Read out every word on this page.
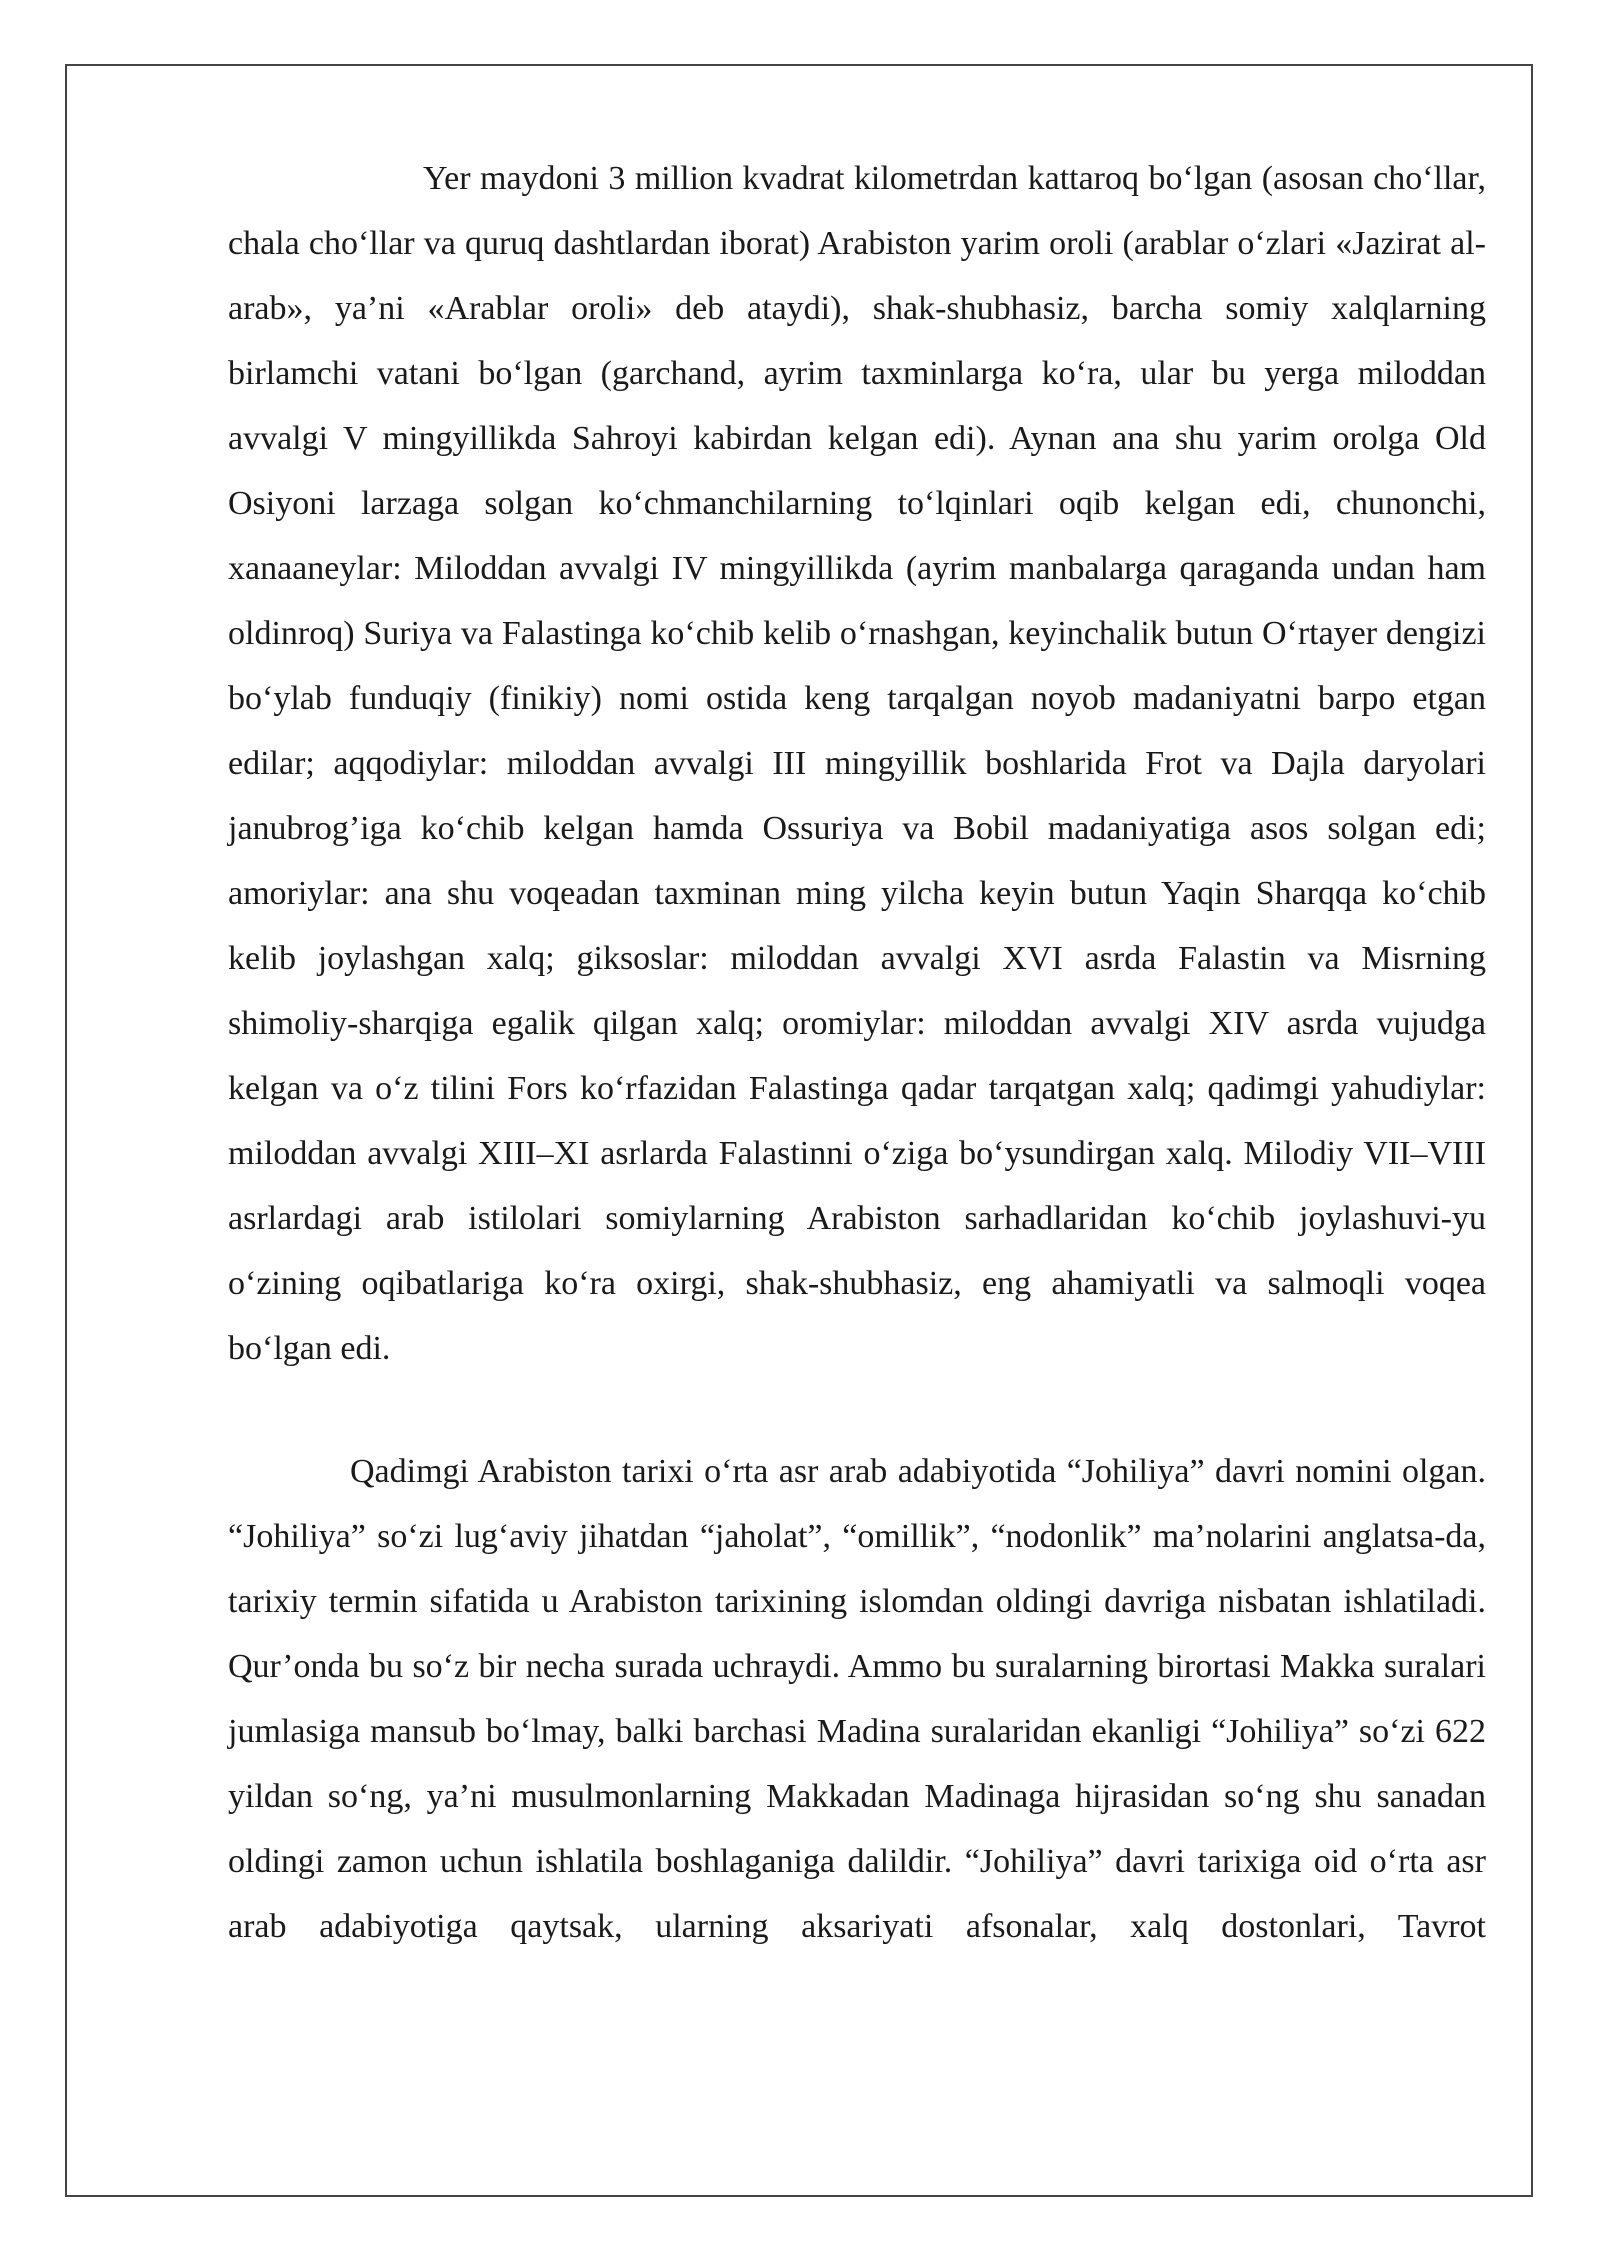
Yer maydoni 3 million kvadrat kilometrdan kattaroq bo‘lgan (asosan cho‘llar, chala cho‘llar va quruq dashtlardan iborat) Arabiston yarim oroli (arablar o‘zlari «Jazirat al-arab», ya’ni «Arablar oroli» deb ataydi), shak-shubhasiz, barcha somiy xalqlarning birlamchi vatani bo‘lgan (garchand, ayrim taxminlarga ko‘ra, ular bu yerga miloddan avvalgi V mingyillikda Sahroyi kabirdan kelgan edi). Aynan ana shu yarim orolga Old Osiyoni larzaga solgan ko‘chmanchilarning to‘lqinlari oqib kelgan edi, chunonchi, xanaaneylar: Miloddan avvalgi IV mingyillikda (ayrim manbalarga qaraganda undan ham oldinroq) Suriya va Falastinga ko‘chib kelib o‘rnashgan, keyinchalik butun O‘rtayer dengizi bo‘ylab funduqiy (finikiy) nomi ostida keng tarqalgan noyob madaniyatni barpo etgan edilar; aqqodiylar: miloddan avvalgi III mingyillik boshlarida Frot va Dajla daryolari janubrog’iga ko‘chib kelgan hamda Ossuriya va Bobil madaniyatiga asos solgan edi; amoriylar: ana shu voqeadan taxminan ming yilcha keyin butun Yaqin Sharqqa ko‘chib kelib joylashgan xalq; giksoslar: miloddan avvalgi XVI asrda Falastin va Misrning shimoliy-sharqiga egalik qilgan xalq; oromiylar: miloddan avvalgi XIV asrda vujudga kelgan va o‘z tilini Fors ko‘rfazidan Falastinga qadar tarqatgan xalq; qadimgi yahudiylar: miloddan avvalgi XIII–XI asrlarda Falastinni o‘ziga bo‘ysundirgan xalq. Milodiy VII–VIII asrlardagi arab istilolari somiylarning Arabiston sarhadlaridan ko‘chib joylashuvi-yu o‘zining oqibatlariga ko‘ra oxirgi, shak-shubhasiz, eng ahamiyatli va salmoqli voqea bo‘lgan edi.

Qadimgi Arabiston tarixi o‘rta asr arab adabiyotida “Johiliya” davri nomini olgan. “Johiliya” so‘zi lug‘aviy jihatdan “jaholat”, “omillik”, “nodonlik” ma’nolarini anglatsa-da, tarixiy termin sifatida u Arabiston tarixining islomdan oldingi davriga nisbatan ishlatiladi. Qur’onda bu so‘z bir necha surada uchraydi. Ammo bu suralarning birortasi Makka suralari jumlasiga mansub bo‘lmay, balki barchasi Madina suralaridan ekanligi “Johiliya” so‘zi 622 yildan so‘ng, ya’ni musulmonlarning Makkadan Madinaga hijrasidan so‘ng shu sanadan oldingi zamon uchun ishlatila boshlaganiga dalildir. “Johiliya” davri tarixiga oid o‘rta asr arab adabiyotiga qaytsak, ularning aksariyati afsonalar, xalq dostonlari, Tavrot
